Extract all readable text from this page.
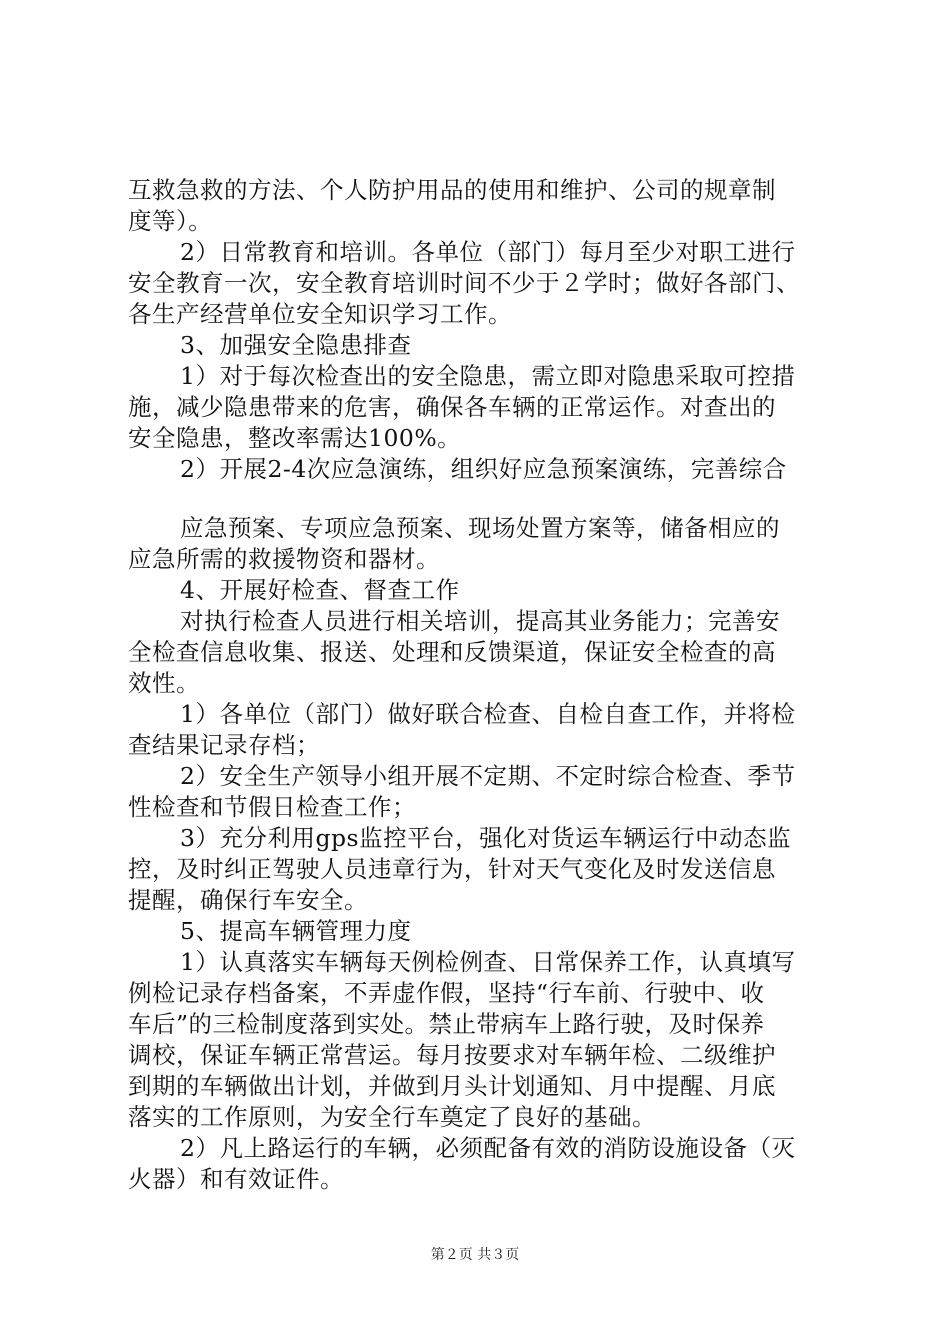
互救急救的方法、个人防护用品的使用和维护、公司的规章制
度等）。
2）日常教育和培训。各单位（部门）每月至少对职工进行
安全教育一次，安全教育培训时间不少于２学时；做好各部门、
各生产经营单位安全知识学习工作。
3、加强安全隐患排查
1）对于每次检查出的安全隐患，需立即对隐患采取可控措
施，减少隐患带来的危害，确保各车辆的正常运作。对查出的
安全隐患，整改率需达100%。
2）开展2-4次应急演练，组织好应急预案演练，完善综合
应急预案、专项应急预案、现场处置方案等，储备相应的
应急所需的救援物资和器材。
4、开展好检查、督查工作
对执行检查人员进行相关培训，提高其业务能力；完善安
全检查信息收集、报送、处理和反馈渠道，保证安全检查的高
效性。
1）各单位（部门）做好联合检查、自检自查工作，并将检
查结果记录存档；
2）安全生产领导小组开展不定期、不定时综合检查、季节
性检查和节假日检查工作；
3）充分利用gps监控平台，强化对货运车辆运行中动态监
控，及时纠正驾驶人员违章行为，针对天气变化及时发送信息
提醒，确保行车安全。
5、提高车辆管理力度
1）认真落实车辆每天例检例查、日常保养工作，认真填写
例检记录存档备案，不弄虚作假，坚持“行车前、行驶中、收
车后”的三检制度落到实处。禁止带病车上路行驶，及时保养
调校，保证车辆正常营运。每月按要求对车辆年检、二级维护
到期的车辆做出计划，并做到月头计划通知、月中提醒、月底
落实的工作原则，为安全行车奠定了良好的基础。
2）凡上路运行的车辆，必须配备有效的消防设施设备（灭
火器）和有效证件。
第２页 共３页
